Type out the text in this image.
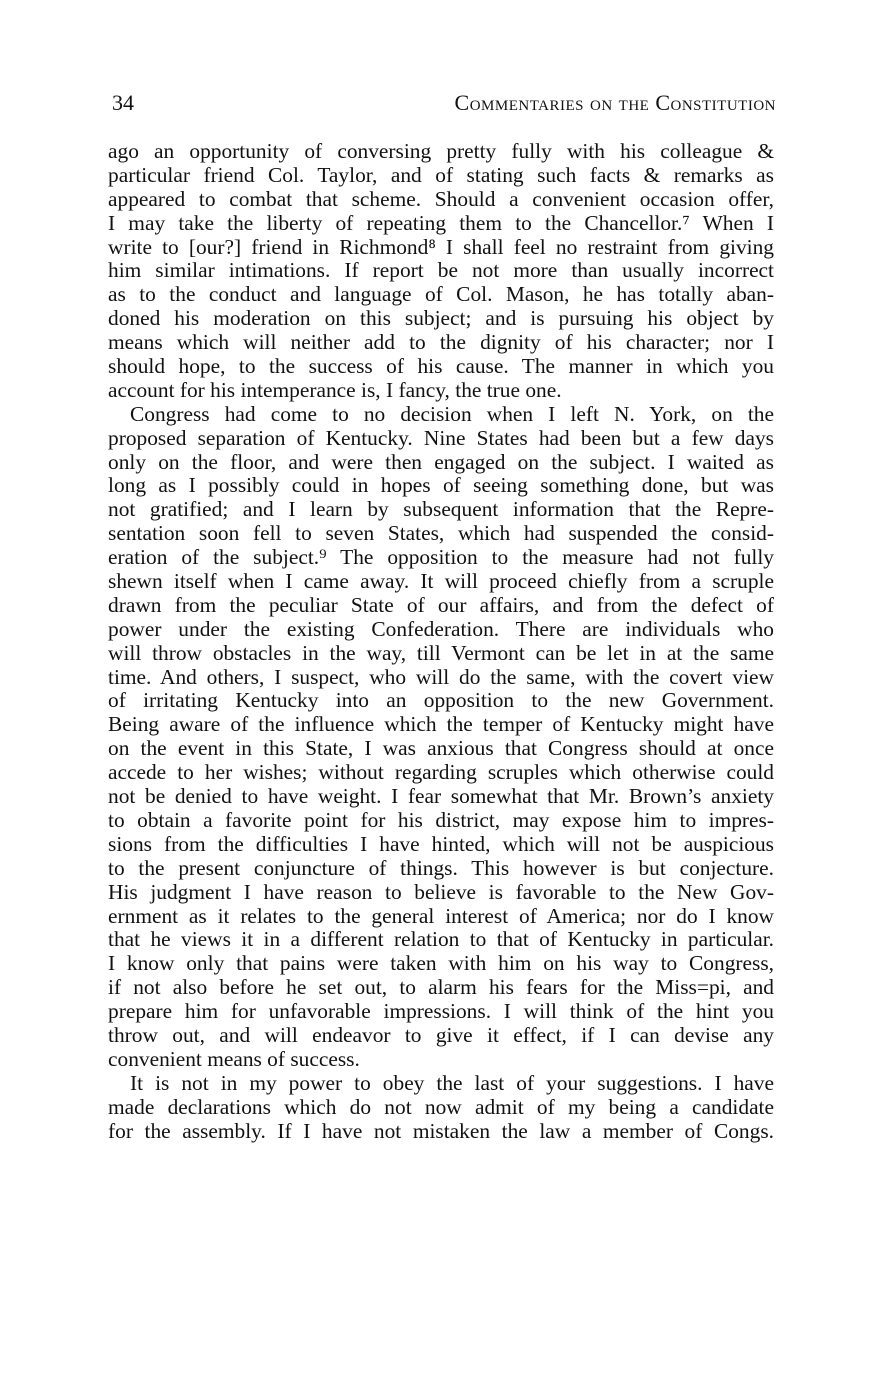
34	Commentaries on the Constitution
ago an opportunity of conversing pretty fully with his colleague &
particular friend Col. Taylor, and of stating such facts & remarks as
appeared to combat that scheme. Should a convenient occasion offer,
I may take the liberty of repeating them to the Chancellor.⁷ When I
write to [our?] friend in Richmond⁸ I shall feel no restraint from giving
him similar intimations. If report be not more than usually incorrect
as to the conduct and language of Col. Mason, he has totally aban-
doned his moderation on this subject; and is pursuing his object by
means which will neither add to the dignity of his character; nor I
should hope, to the success of his cause. The manner in which you
account for his intemperance is, I fancy, the true one.
Congress had come to no decision when I left N. York, on the
proposed separation of Kentucky. Nine States had been but a few days
only on the floor, and were then engaged on the subject. I waited as
long as I possibly could in hopes of seeing something done, but was
not gratified; and I learn by subsequent information that the Repre-
sentation soon fell to seven States, which had suspended the consid-
eration of the subject.⁹ The opposition to the measure had not fully
shewn itself when I came away. It will proceed chiefly from a scruple
drawn from the peculiar State of our affairs, and from the defect of
power under the existing Confederation. There are individuals who
will throw obstacles in the way, till Vermont can be let in at the same
time. And others, I suspect, who will do the same, with the covert view
of irritating Kentucky into an opposition to the new Government.
Being aware of the influence which the temper of Kentucky might have
on the event in this State, I was anxious that Congress should at once
accede to her wishes; without regarding scruples which otherwise could
not be denied to have weight. I fear somewhat that Mr. Brown’s anxiety
to obtain a favorite point for his district, may expose him to impres-
sions from the difficulties I have hinted, which will not be auspicious
to the present conjuncture of things. This however is but conjecture.
His judgment I have reason to believe is favorable to the New Gov-
ernment as it relates to the general interest of America; nor do I know
that he views it in a different relation to that of Kentucky in particular.
I know only that pains were taken with him on his way to Congress,
if not also before he set out, to alarm his fears for the Miss=pi, and
prepare him for unfavorable impressions. I will think of the hint you
throw out, and will endeavor to give it effect, if I can devise any
convenient means of success.
It is not in my power to obey the last of your suggestions. I have
made declarations which do not now admit of my being a candidate
for the assembly. If I have not mistaken the law a member of Congs.
